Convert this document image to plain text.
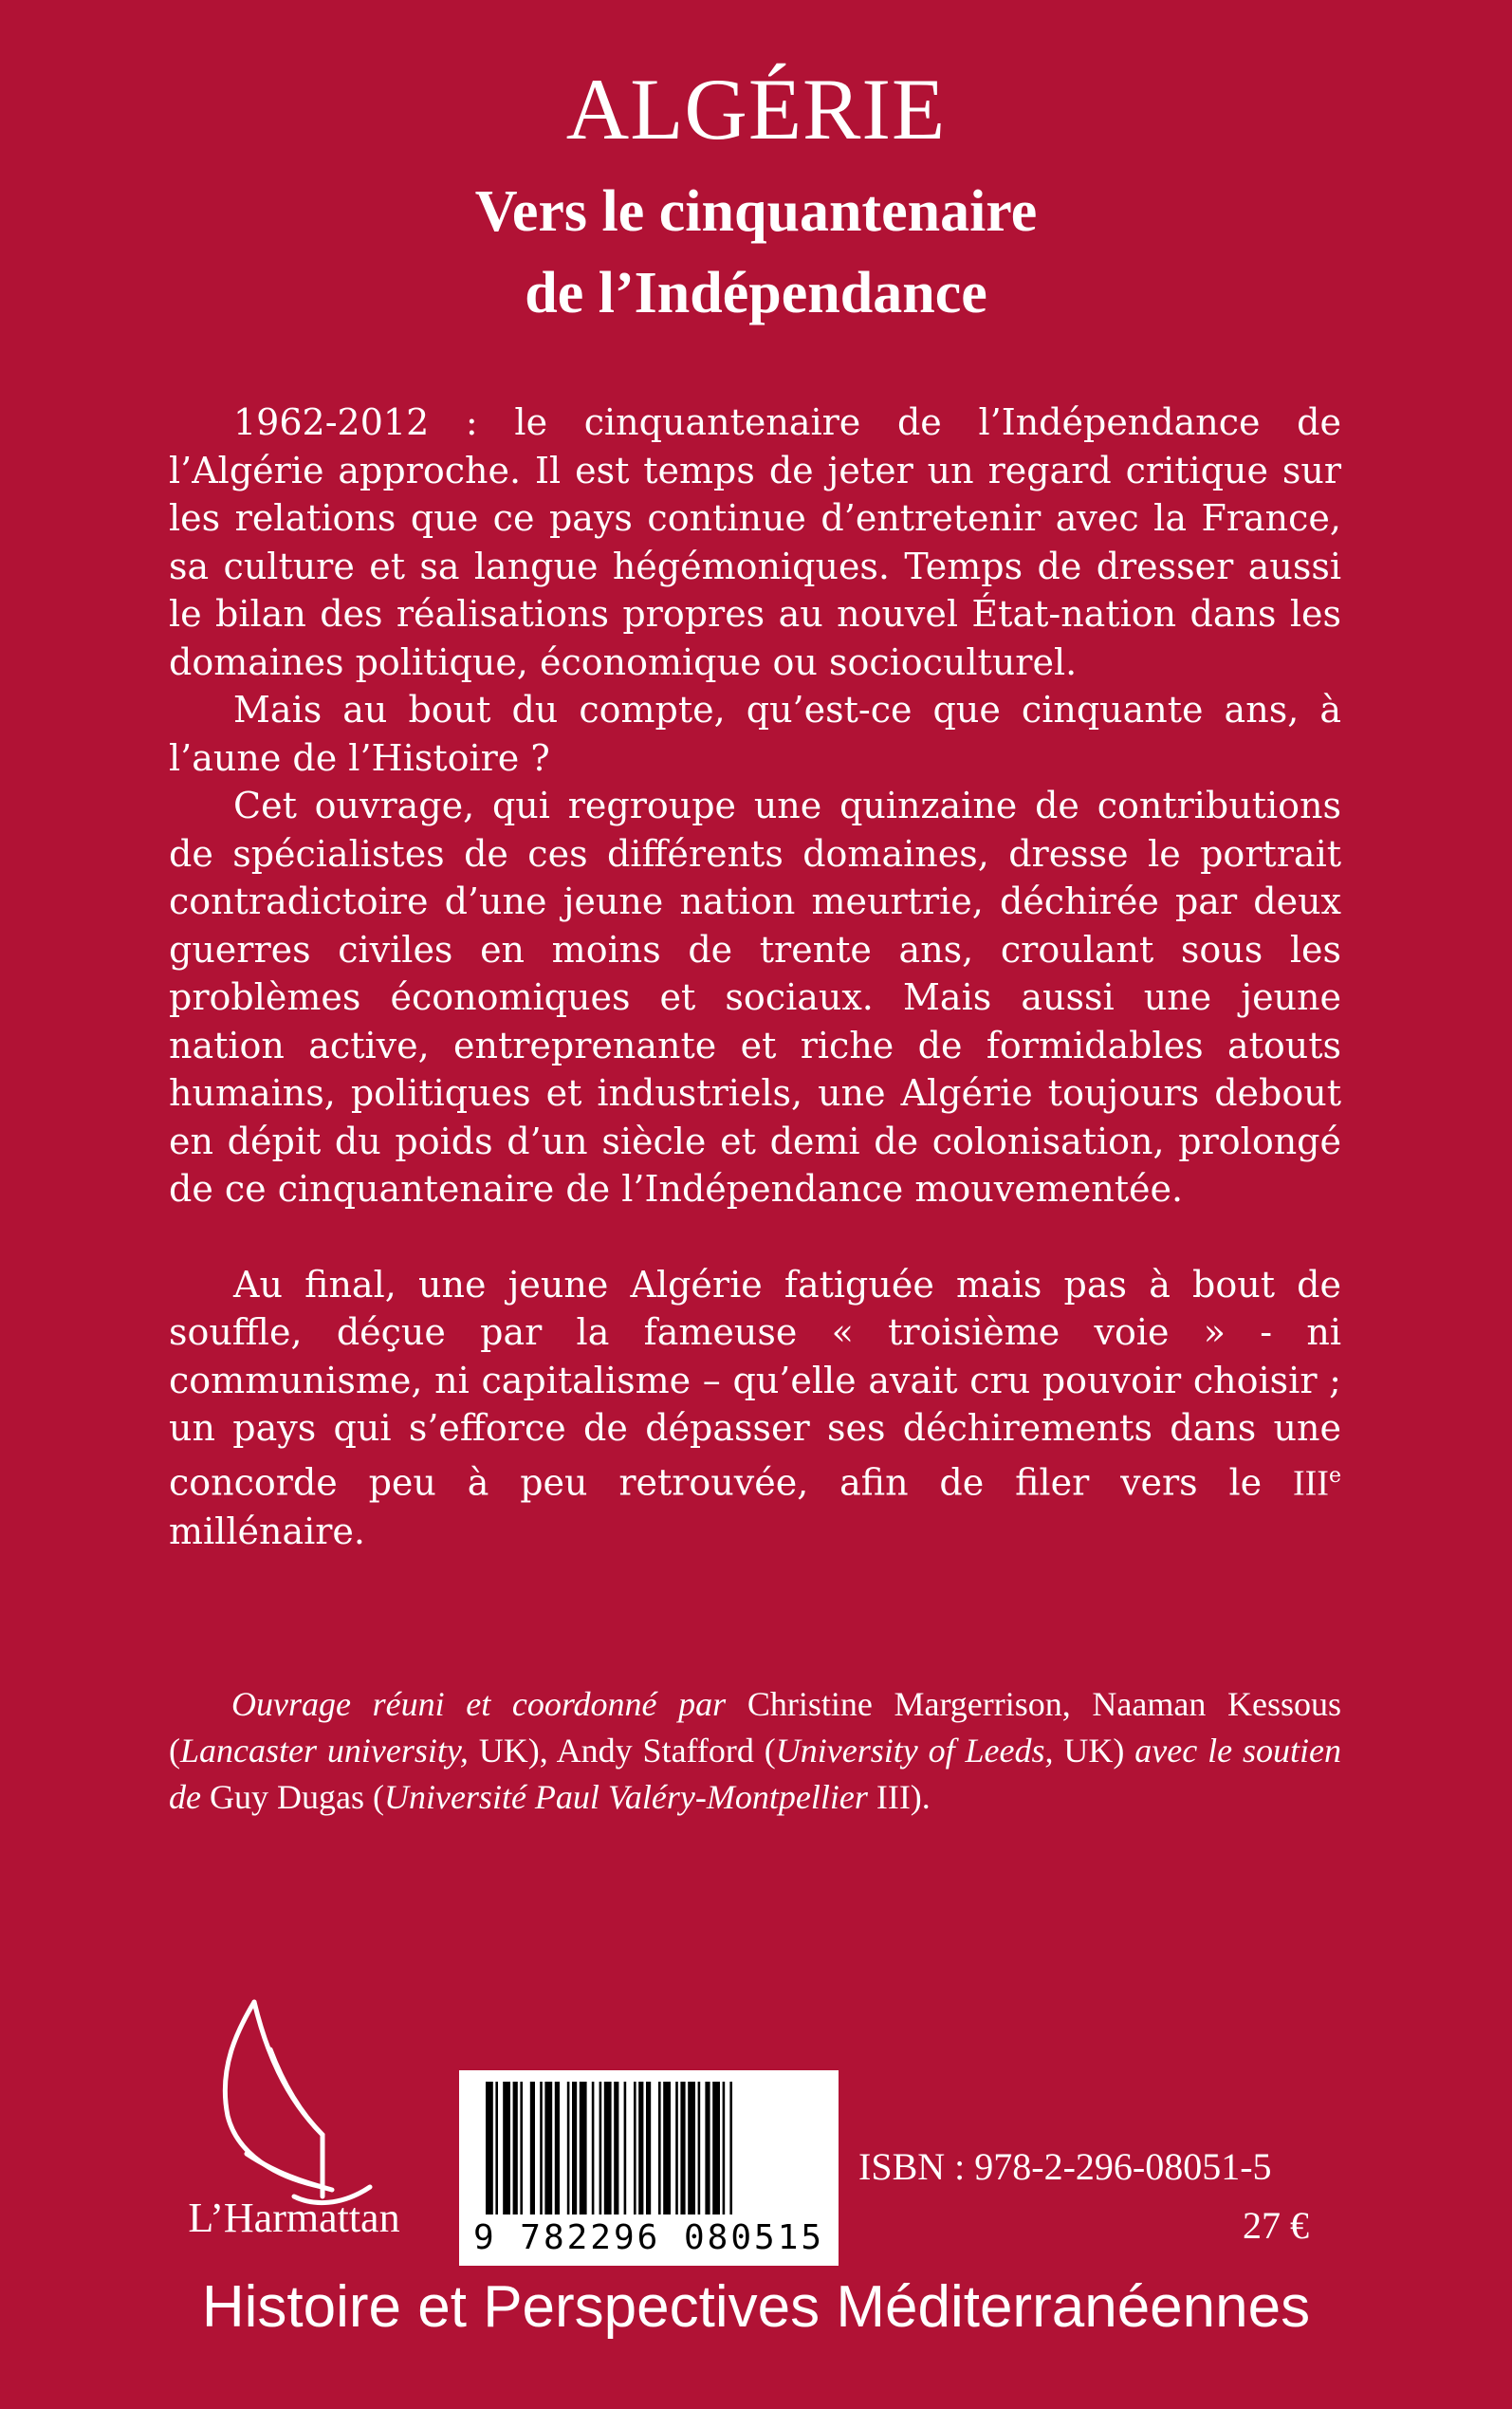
ALGÉRIE
Vers le cinquantenaire
de l’Indépendance

1962-2012 : le cinquantenaire de l’Indépendance de l’Algérie approche. Il est temps de jeter un regard critique sur les relations que ce pays continue d’entretenir avec la France, sa culture et sa langue hégémoniques. Temps de dresser aussi le bilan des réalisations propres au nouvel État-nation dans les domaines politique, économique ou socioculturel.

Mais au bout du compte, qu’est-ce que cinquante ans, à l’aune de l’Histoire ?

Cet ouvrage, qui regroupe une quinzaine de contributions de spécialistes de ces différents domaines, dresse le portrait contradictoire d’une jeune nation meurtrie, déchirée par deux guerres civiles en moins de trente ans, croulant sous les problèmes économiques et sociaux. Mais aussi une jeune nation active, entreprenante et riche de formidables atouts humains, politiques et industriels, une Algérie toujours debout en dépit du poids d’un siècle et demi de colonisation, prolongé de ce cinquantenaire de l’Indépendance mouvementée.

Au final, une jeune Algérie fatiguée mais pas à bout de souffle, déçue par la fameuse « troisième voie » - ni communisme, ni capitalisme – qu’elle avait cru pouvoir choisir ; un pays qui s’efforce de dépasser ses déchirements dans une concorde peu à peu retrouvée, afin de filer vers le IIIe millénaire.

Ouvrage réuni et coordonné par Christine Margerrison, Naaman Kessous (Lancaster university, UK), Andy Stafford (University of Leeds, UK) avec le soutien de Guy Dugas (Université Paul Valéry-Montpellier III).
L’Harmattan	9 782296 080515
ISBN : 978-2-296-08051-5
27 €
Histoire et Perspectives Méditerranéennes
